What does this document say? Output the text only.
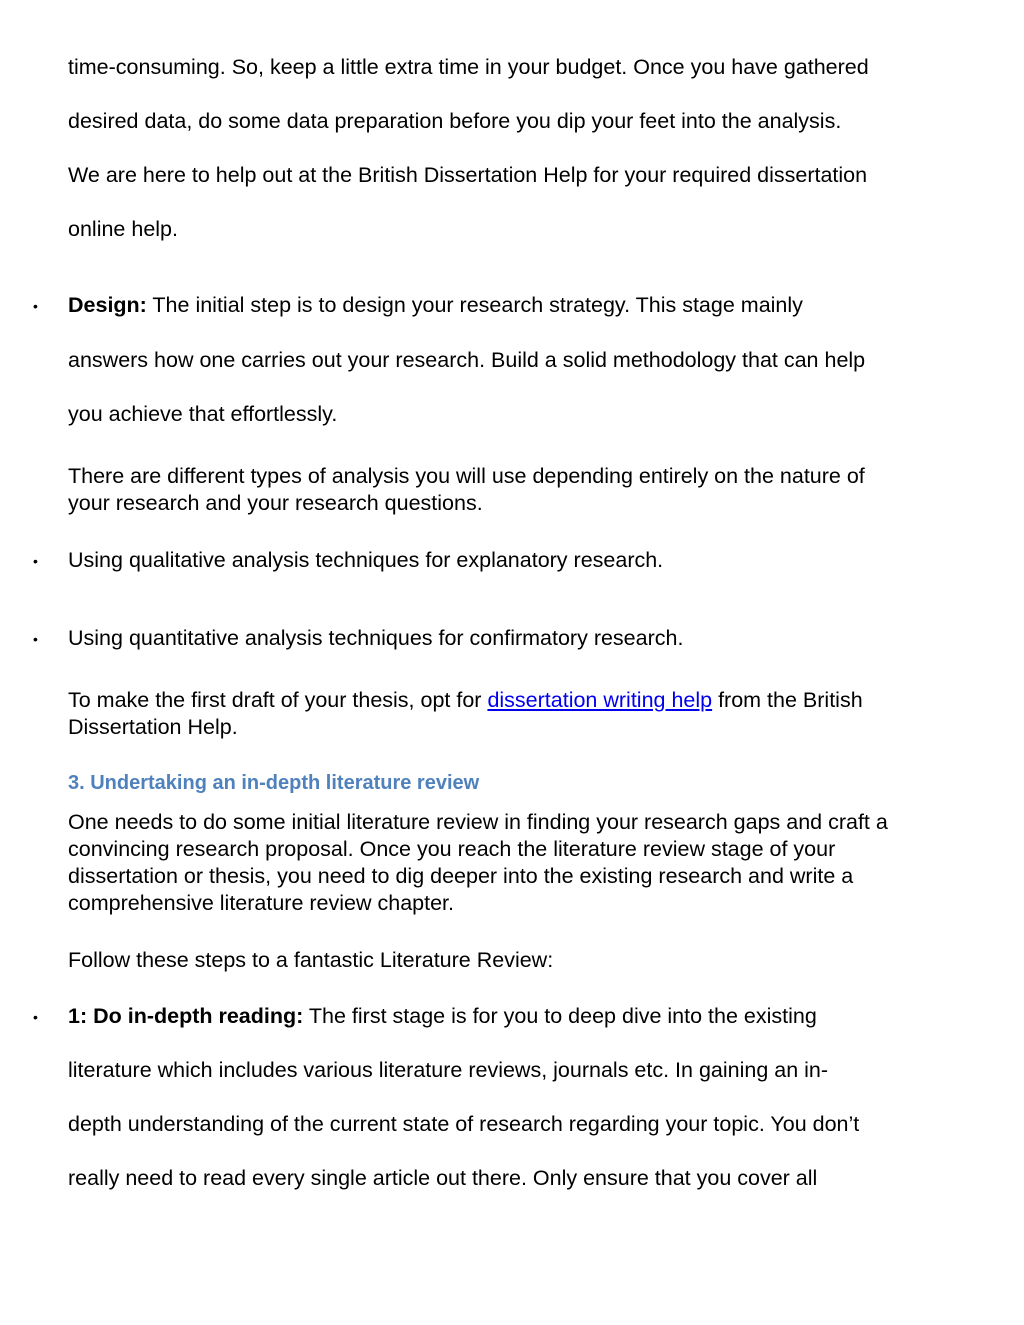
time-consuming. So, keep a little extra time in your budget. Once you have gathered
desired data, do some data preparation before you dip your feet into the analysis.
We are here to help out at the British Dissertation Help for your required dissertation
online help.
• Design: The initial step is to design your research strategy. This stage mainly
answers how one carries out your research. Build a solid methodology that can help
you achieve that effortlessly.
There are different types of analysis you will use depending entirely on the nature of
your research and your research questions.
• Using qualitative analysis techniques for explanatory research.
• Using quantitative analysis techniques for confirmatory research.
To make the first draft of your thesis, opt for dissertation writing help from the British
Dissertation Help.
3. Undertaking an in-depth literature review
One needs to do some initial literature review in finding your research gaps and craft a
convincing research proposal. Once you reach the literature review stage of your
dissertation or thesis, you need to dig deeper into the existing research and write a
comprehensive literature review chapter.
Follow these steps to a fantastic Literature Review:
• 1: Do in-depth reading: The first stage is for you to deep dive into the existing
literature which includes various literature reviews, journals etc. In gaining an in-
depth understanding of the current state of research regarding your topic. You don’t
really need to read every single article out there. Only ensure that you cover all
